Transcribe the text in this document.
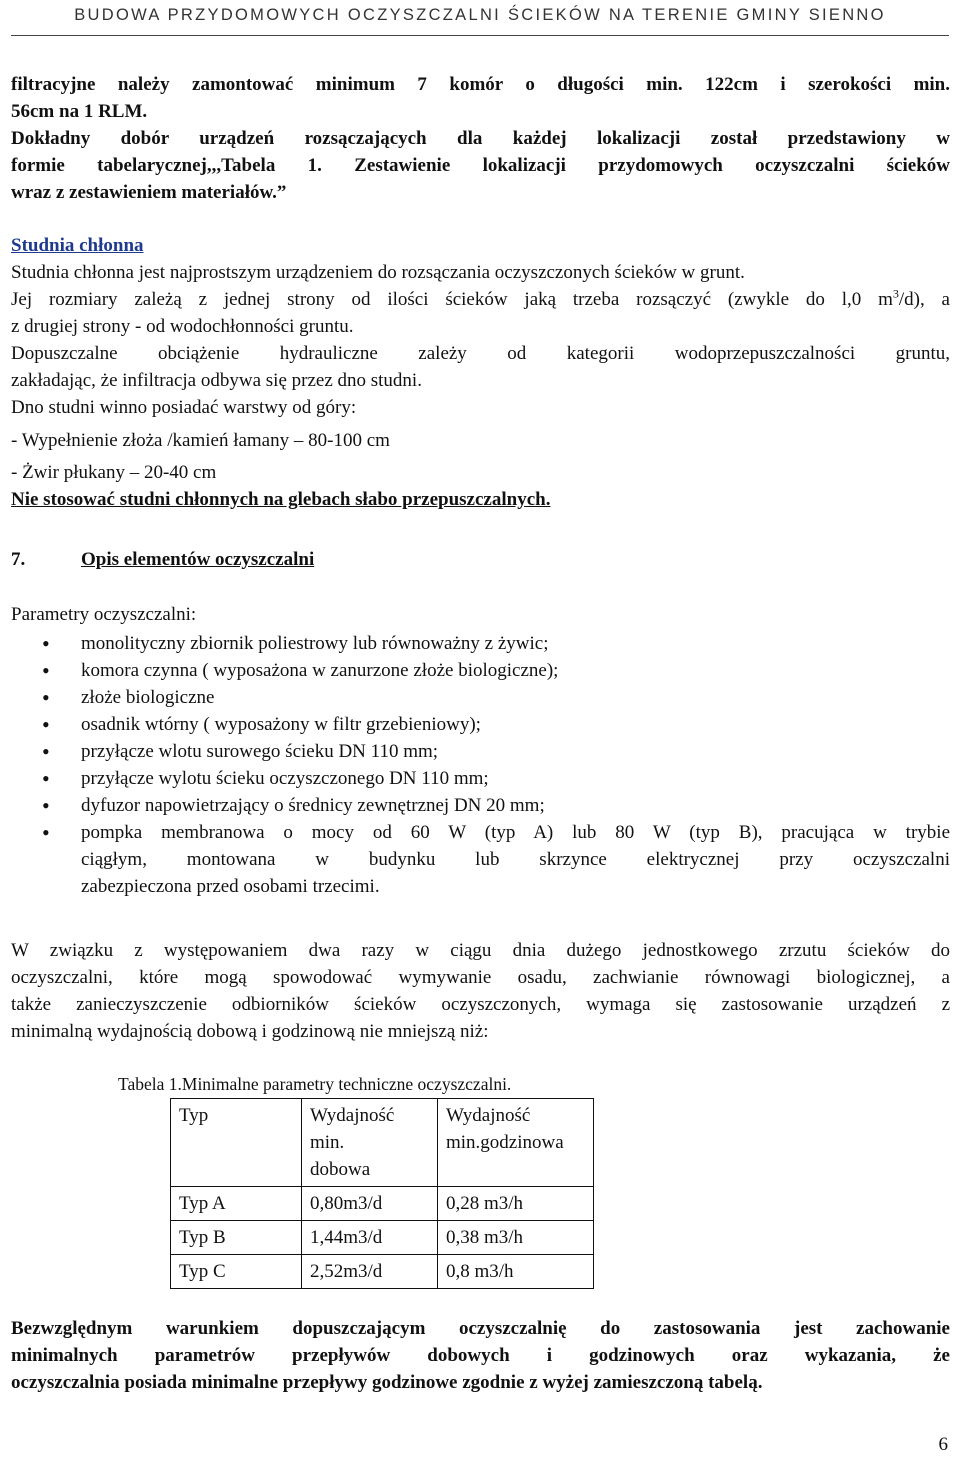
BUDOWA PRZYDOMOWYCH OCZYSZCZALNI ŚCIEKÓW NA TERENIE GMINY SIENNO
filtracyjne należy zamontować minimum 7 komór o długości min. 122cm i szerokości min.
56cm na 1 RLM.
Dokładny dobór urządzeń rozsączających dla każdej lokalizacji został przedstawiony w
formie tabelarycznej,,,Tabela 1. Zestawienie lokalizacji przydomowych oczyszczalni ścieków
wraz z zestawieniem materiałów.”
Studnia chłonna
Studnia chłonna jest najprostszym urządzeniem do rozsączania oczyszczonych ścieków w grunt.
Jej rozmiary zależą z jednej strony od ilości ścieków jaką trzeba rozsączyć (zwykle do l,0 $m^3/d$), a
z drugiej strony - od wodochłonności gruntu.
Dopuszczalne obciążenie hydrauliczne zależy od kategorii wodoprzepuszczalności gruntu,
zakładając, że infiltracja odbywa się przez dno studni.
Dno studni winno posiadać warstwy od góry:
- Wypełnienie złoża /kamień łamany – 80-100 cm
- Żwir płukany – 20-40 cm
Nie stosować studni chłonnych na glebach słabo przepuszczalnych.
7.	Opis elementów oczyszczalni
Parametry oczyszczalni:
• monolityczny zbiornik poliestrowy lub równoważny z żywic;
• komora czynna ( wyposażona w zanurzone złoże biologiczne);
• złoże biologiczne
• osadnik wtórny ( wyposażony w filtr grzebieniowy);
• przyłącze wlotu surowego ścieku DN 110 mm;
• przyłącze wylotu ścieku oczyszczonego DN 110 mm;
• dyfuzor napowietrzający o średnicy zewnętrznej DN 20 mm;
• pompka membranowa o mocy od 60 W (typ A) lub 80 W (typ B), pracująca w trybie
ciągłym, montowana w budynku lub skrzynce elektrycznej przy oczyszczalni
zabezpieczona przed osobami trzecimi.
W związku z występowaniem dwa razy w ciągu dnia dużego jednostkowego zrzutu ścieków do
oczyszczalni, które mogą spowodować wymywanie osadu, zachwianie równowagi biologicznej, a
także zanieczyszczenie odbiorników ścieków oczyszczonych, wymaga się zastosowanie urządzeń z
minimalną wydajnością dobową i godzinową nie mniejszą niż:
Tabela 1.Minimalne parametry techniczne oczyszczalni.
Typ	Wydajność
min.
dobowa	Wydajność
min.godzinowa

Typ A	0,80m3/d	0,28 m3/h
Typ B	1,44m3/d	0,38 m3/h
Typ C	2,52m3/d	0,8 m3/h
Bezwzględnym warunkiem dopuszczającym oczyszczalnię do zastosowania jest zachowanie
minimalnych parametrów przepływów dobowych i godzinowych oraz wykazania, że
oczyszczalnia posiada minimalne przepływy godzinowe zgodnie z wyżej zamieszczoną tabelą.
6
